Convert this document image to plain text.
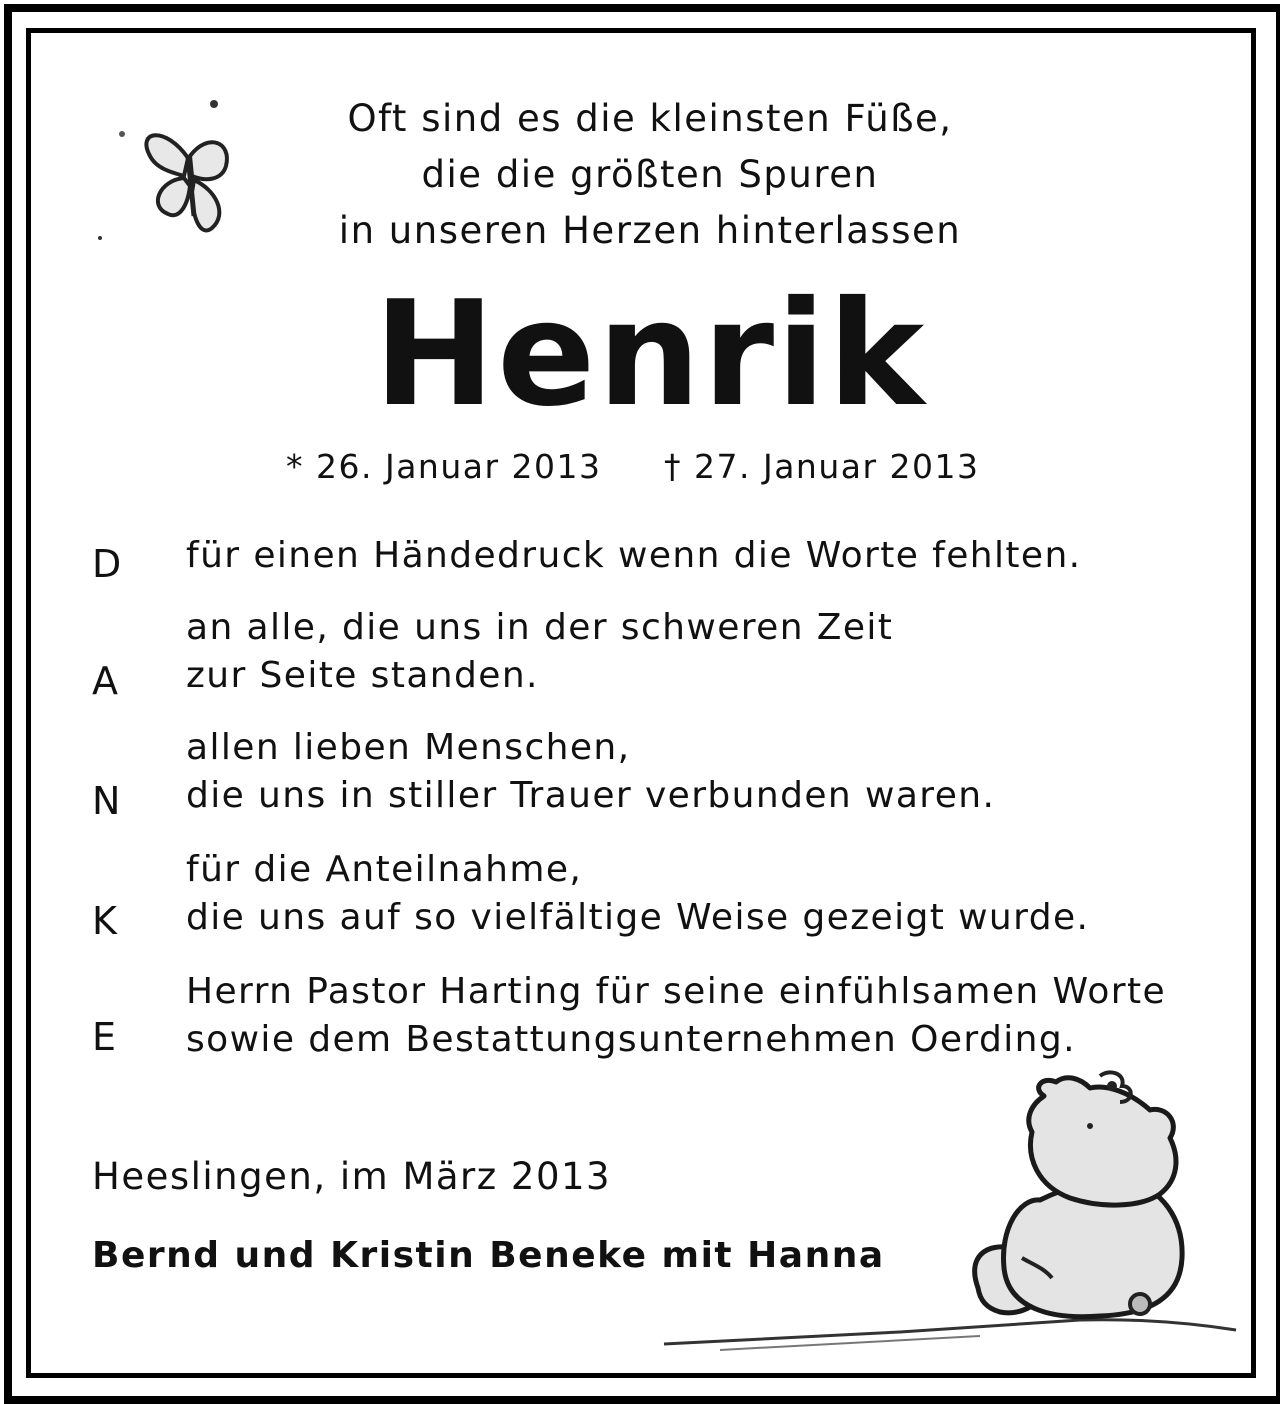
Oft sind es die kleinsten Füße,
die die größten Spuren
in unseren Herzen hinterlassen
Henrik
* 26. Januar 2013 † 27. Januar 2013
D für einen Händedruck wenn die Worte fehlten.
A
an alle, die uns in der schweren Zeit
zur Seite standen.
N
allen lieben Menschen,
die uns in stiller Trauer verbunden waren.
K
für die Anteilnahme,
die uns auf so vielfältige Weise gezeigt wurde.
E
Herrn Pastor Harting für seine einfühlsamen Worte
sowie dem Bestattungsunternehmen Oerding.
Heeslingen, im März 2013
Bernd und Kristin Beneke mit Hanna
